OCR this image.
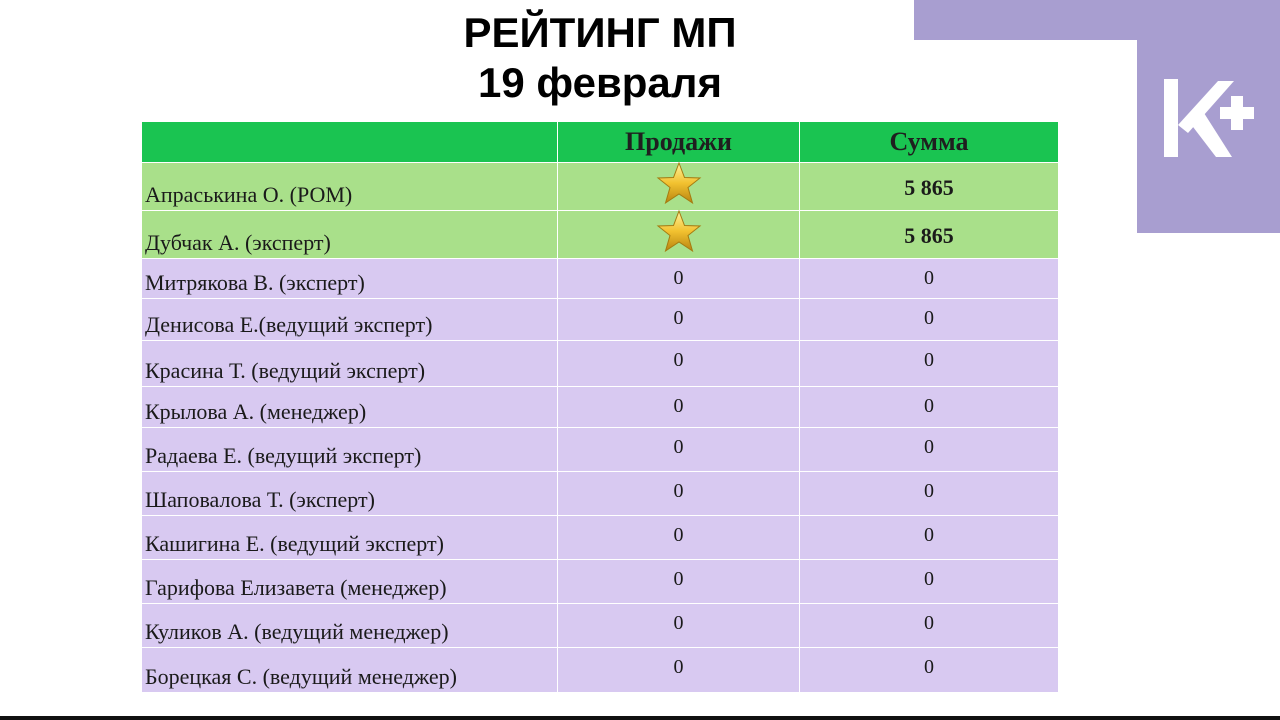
РЕЙТИНГ МП
19 февраля
	Продажи	Сумма
Апраськина О. (РОМ)		5 865
Дубчак А. (эксперт)		5 865
Митрякова В. (эксперт)	0	0
Денисова Е.(ведущий эксперт)	0	0
Красина Т. (ведущий эксперт)	0	0
Крылова А. (менеджер)	0	0
Радаева Е. (ведущий эксперт)	0	0
Шаповалова Т. (эксперт)	0	0
Кашигина Е. (ведущий эксперт)	0	0
Гарифова Елизавета (менеджер)	0	0
Куликов А. (ведущий менеджер)	0	0
Борецкая С. (ведущий менеджер)	0	0
